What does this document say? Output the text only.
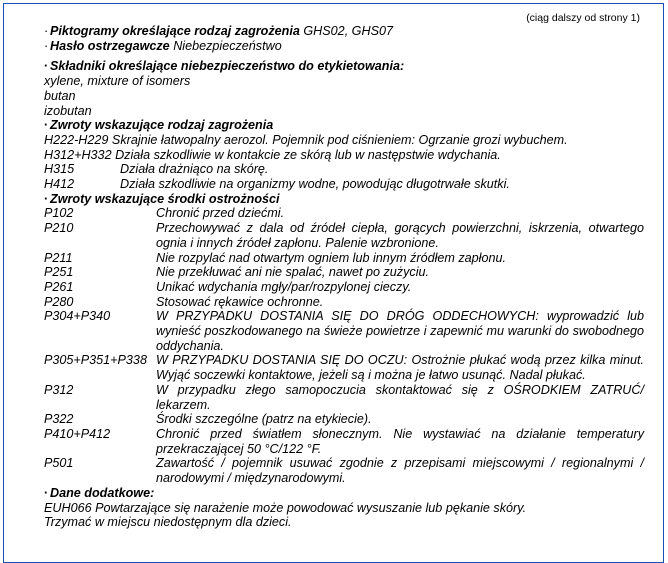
(ciąg dalszy od strony 1)
· Piktogramy określające rodzaj zagrożenia GHS02, GHS07
· Hasło ostrzegawcze Niebezpieczeństwo
· Składniki określające niebezpieczeństwo do etykietowania:
xylene, mixture of isomers
butan
izobutan
· Zwroty wskazujące rodzaj zagrożenia
H222-H229
Skrajnie łatwopalny aerozol. Pojemnik pod ciśnieniem: Ogrzanie grozi wybuchem.
H312+H332
Działa szkodliwie w kontakcie ze skórą lub w następstwie wdychania.
H315	Działa drażniąco na skórę.
H412	Działa szkodliwie na organizmy wodne, powodując długotrwałe skutki.
· Zwroty wskazujące środki ostrożności
P102	Chronić przed dziećmi.
P210	Przechowywać z dala od źródeł ciepła, gorących powierzchni, iskrzenia, otwartego ognia i innych źródeł zapłonu. Palenie wzbronione.
P211	Nie rozpylać nad otwartym ogniem lub innym źródłem zapłonu.
P251	Nie przekłuwać ani nie spalać, nawet po zużyciu.
P261	Unikać wdychania mgły/par/rozpylonej cieczy.
P280	Stosować rękawice ochronne.
P304+P340	W PRZYPADKU DOSTANIA SIĘ DO DRÓG ODDECHOWYCH: wyprowadzić lub wynieść poszkodowanego na świeże powietrze i zapewnić mu warunki do swobodnego oddychania.
P305+P351+P338 W PRZYPADKU DOSTANIA SIĘ DO OCZU: Ostrożnie płukać wodą przez kilka minut. Wyjąć soczewki kontaktowe, jeżeli są i można je łatwo usunąć. Nadal płukać.
P312	W przypadku złego samopoczucia skontaktować się z OŚRODKIEM ZATRUĆ/ lekarzem.
P322	Środki szczególne (patrz na etykiecie).
P410+P412	Chronić przed światłem słonecznym. Nie wystawiać na działanie temperatury przekraczającej 50 °C/122 °F.
P501	Zawartość / pojemnik usuwać zgodnie z przepisami miejscowymi / regionalnymi / narodowymi / międzynarodowymi.
· Dane dodatkowe:
EUH066 Powtarzające się narażenie może powodować wysuszanie lub pękanie skóry.
Trzymać w miejscu niedostępnym dla dzieci.
